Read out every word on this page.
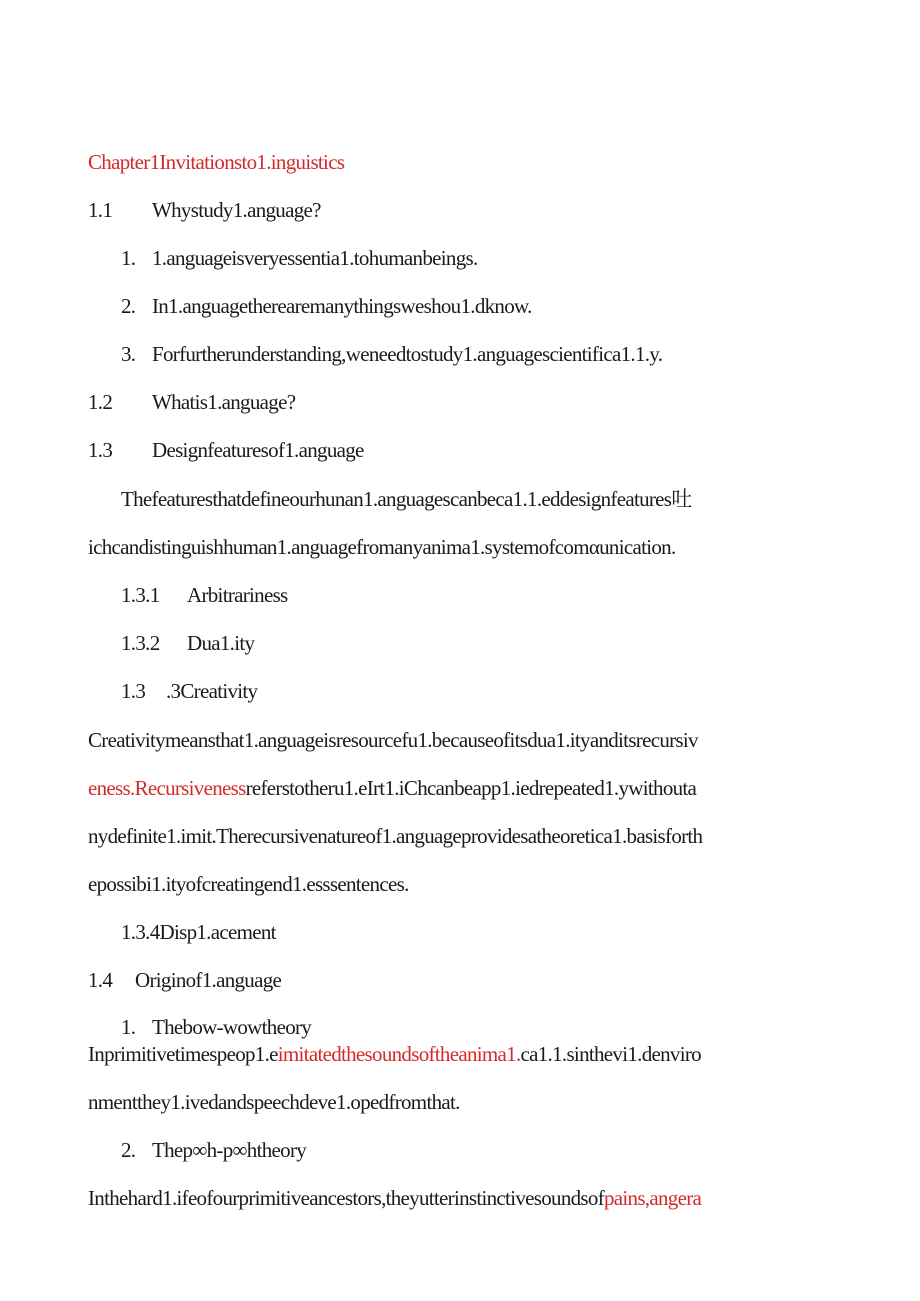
Chapter1Invitationsto1.inguistics
1.1 Whystudy1.anguage?
1. 1.anguageisveryessentia1.tohumanbeings.
2. In1.anguagetherearemanythingsweshou1.dknow.
3. Forfurtherunderstanding,weneedtostudy1.anguagescientifica1.1.y.
1.2 Whatis1.anguage?
1.3 Designfeaturesof1.anguage
Thefeaturesthatdefineourhunan1.anguagescanbeca1.1.eddesignfeatures吐
ichcandistinguishhuman1.anguagefromanyanima1.systemofcomαunication.
1.3.1 Arbitrariness
1.3.2 Dua1.ity
1.3 .3Creativity
Creativitymeansthat1.anguageisresourcefu1.becauseofitsdua1.ityanditsrecursiv
eness.Recursivenessreferstotheru1.eIrt1.iChcanbeapp1.iedrepeated1.ywithouta
nydefinite1.imit.Therecursivenatureof1.anguageprovidesatheoretica1.basisforth
epossibi1.ityofcreatingend1.esssentences.
1.3.4Disp1.acement
1.4 Originof1.anguage
1. Thebow-wowtheory
Inprimitivetimespeop1.eimitatedthesoundsoftheanima1.ca1.1.sinthevi1.denviro
nmentthey1.ivedandspeechdeve1.opedfromthat.
2. Thep∞h-p∞htheory
Inthehard1.ifeofourprimitiveancestors,theyutterinstinctivesoundsofpains,angera
